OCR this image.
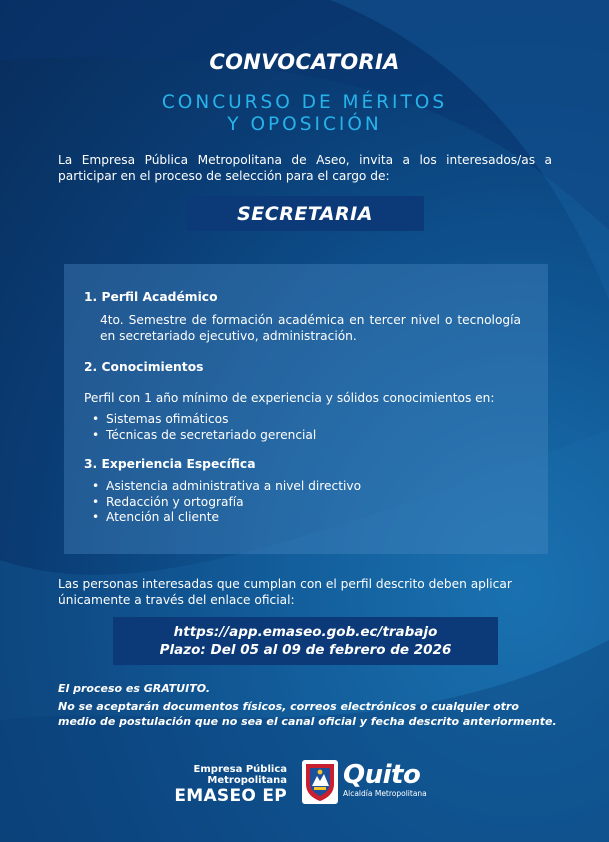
CONVOCATORIA
CONCURSO DE MÉRITOS
Y OPOSICIÓN
La Empresa Pública Metropolitana de Aseo, invita a los interesados/as a participar en el proceso de selección para el cargo de:
SECRETARIA
1. Perfil Académico
4to. Semestre de formación académica en tercer nivel o tecnología en secretariado ejecutivo, administración.
2. Conocimientos
Perfil con 1 año mínimo de experiencia y sólidos conocimientos en:
• Sistemas ofimáticos
• Técnicas de secretariado gerencial
3. Experiencia Específica
• Asistencia administrativa a nivel directivo
• Redacción y ortografía
• Atención al cliente
Las personas interesadas que cumplan con el perfil descrito deben aplicar únicamente a través del enlace oficial:
https://app.emaseo.gob.ec/trabajo
Plazo: Del 05 al 09 de febrero de 2026
El proceso es GRATUITO.
No se aceptarán documentos físicos, correos electrónicos o cualquier otro medio de postulación que no sea el canal oficial y fecha descrito anteriormente.
Empresa Pública
Metropolitana
EMASEO EP
Quito
Alcaldía Metropolitana
